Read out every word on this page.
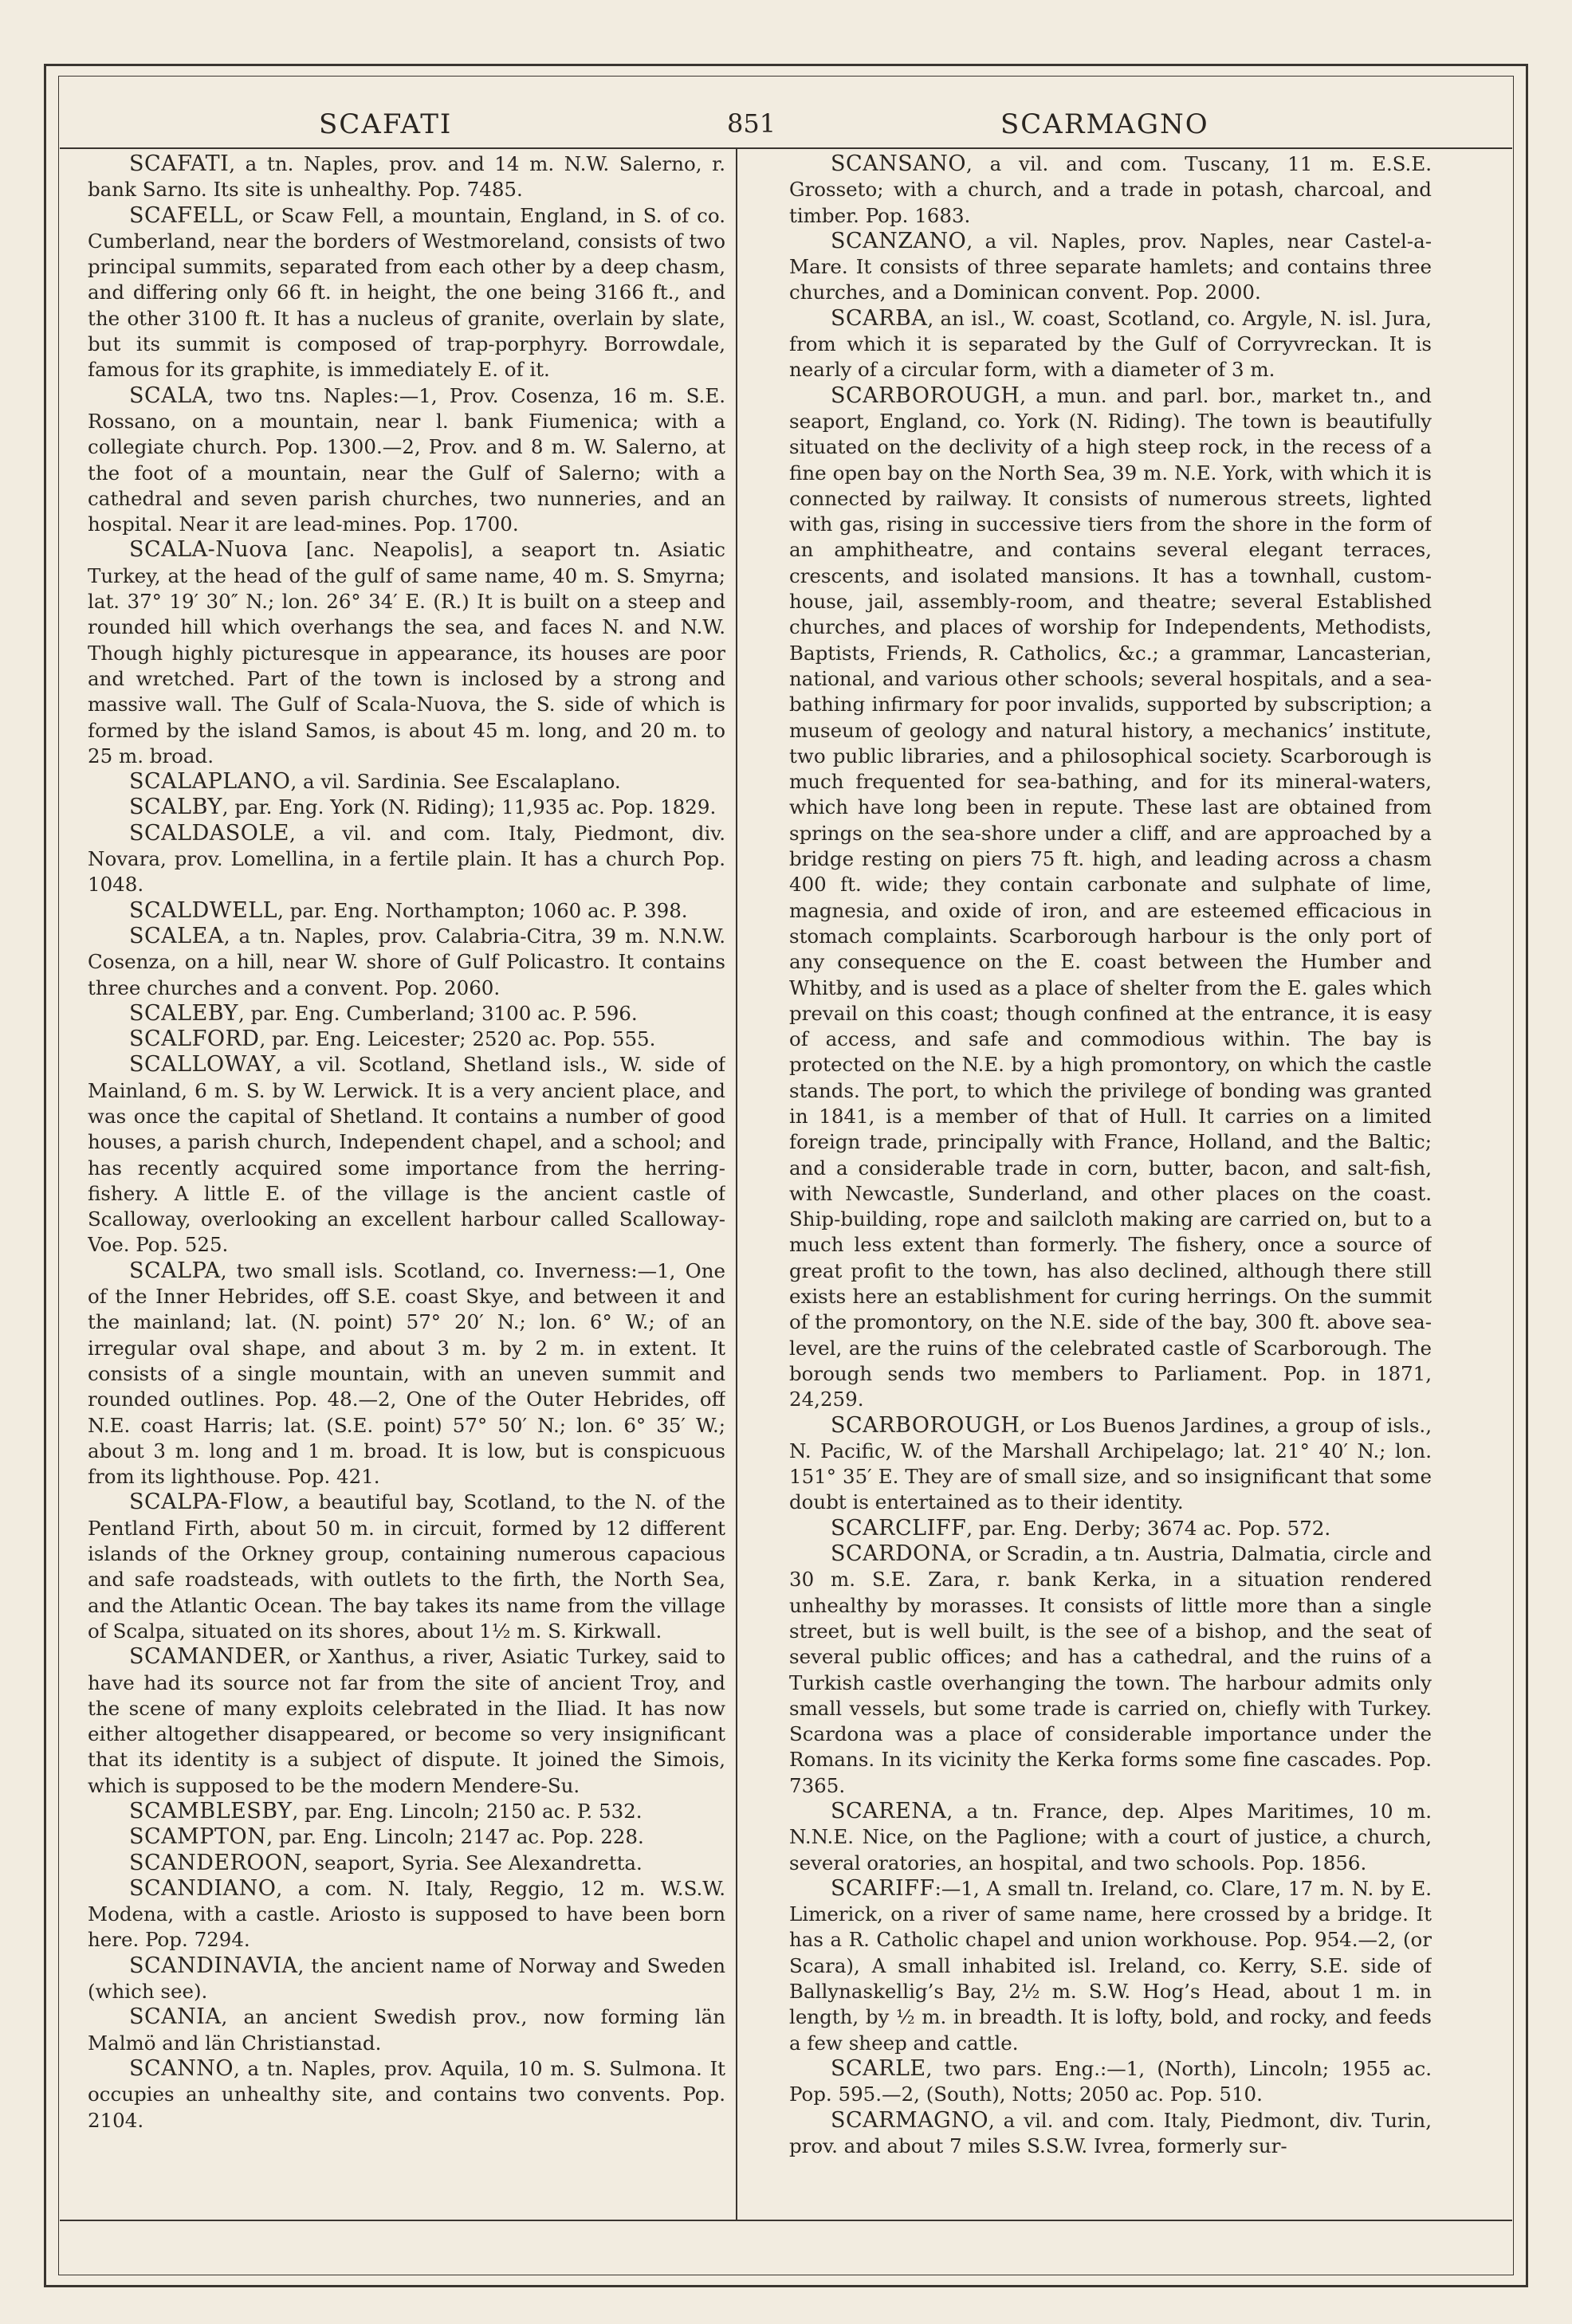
SCAFATI	851	SCARMAGNO

SCAFATI, a tn. Naples, prov. and 14 m. N.W. Salerno, r. bank Sarno. Its site is unhealthy. Pop. 7485.

SCAFELL, or Scaw Fell, a mountain, England, in S. of co. Cumberland, near the borders of Westmoreland, consists of two principal summits, separated from each other by a deep chasm, and differing only 66 ft. in height, the one being 3166 ft., and the other 3100 ft. It has a nucleus of granite, overlain by slate, but its summit is composed of trap-porphyry. Borrowdale, famous for its graphite, is immediately E. of it.

SCALA, two tns. Naples:—1, Prov. Cosenza, 16 m. S.E. Rossano, on a mountain, near l. bank Fiumenica; with a collegiate church. Pop. 1300.—2, Prov. and 8 m. W. Salerno, at the foot of a mountain, near the Gulf of Salerno; with a cathedral and seven parish churches, two nunneries, and an hospital. Near it are lead-mines. Pop. 1700.

SCALA-Nuova [anc. Neapolis], a seaport tn. Asiatic Turkey, at the head of the gulf of same name, 40 m. S. Smyrna; lat. 37° 19′ 30″ N.; lon. 26° 34′ E. (R.) It is built on a steep and rounded hill which overhangs the sea, and faces N. and N.W. Though highly picturesque in appearance, its houses are poor and wretched. Part of the town is inclosed by a strong and massive wall. The Gulf of Scala-Nuova, the S. side of which is formed by the island Samos, is about 45 m. long, and 20 m. to 25 m. broad.

SCALAPLANO, a vil. Sardinia. See Escalaplano.

SCALBY, par. Eng. York (N. Riding); 11,935 ac. Pop. 1829.

SCALDASOLE, a vil. and com. Italy, Piedmont, div. Novara, prov. Lomellina, in a fertile plain. It has a church Pop. 1048.

SCALDWELL, par. Eng. Northampton; 1060 ac. P. 398.

SCALEA, a tn. Naples, prov. Calabria-Citra, 39 m. N.N.W. Cosenza, on a hill, near W. shore of Gulf Policastro. It contains three churches and a convent. Pop. 2060.

SCALEBY, par. Eng. Cumberland; 3100 ac. P. 596.

SCALFORD, par. Eng. Leicester; 2520 ac. Pop. 555.

SCALLOWAY, a vil. Scotland, Shetland isls., W. side of Mainland, 6 m. S. by W. Lerwick. It is a very ancient place, and was once the capital of Shetland. It contains a number of good houses, a parish church, Independent chapel, and a school; and has recently acquired some importance from the herring-fishery. A little E. of the village is the ancient castle of Scalloway, overlooking an excellent harbour called Scalloway-Voe. Pop. 525.

SCALPA, two small isls. Scotland, co. Inverness:—1, One of the Inner Hebrides, off S.E. coast Skye, and between it and the mainland; lat. (N. point) 57° 20′ N.; lon. 6° W.; of an irregular oval shape, and about 3 m. by 2 m. in extent. It consists of a single mountain, with an uneven summit and rounded outlines. Pop. 48.—2, One of the Outer Hebrides, off N.E. coast Harris; lat. (S.E. point) 57° 50′ N.; lon. 6° 35′ W.; about 3 m. long and 1 m. broad. It is low, but is conspicuous from its lighthouse. Pop. 421.

SCALPA-Flow, a beautiful bay, Scotland, to the N. of the Pentland Firth, about 50 m. in circuit, formed by 12 different islands of the Orkney group, containing numerous capacious and safe roadsteads, with outlets to the firth, the North Sea, and the Atlantic Ocean. The bay takes its name from the village of Scalpa, situated on its shores, about 1½ m. S. Kirkwall.

SCAMANDER, or Xanthus, a river, Asiatic Turkey, said to have had its source not far from the site of ancient Troy, and the scene of many exploits celebrated in the Iliad. It has now either altogether disappeared, or become so very insignificant that its identity is a subject of dispute. It joined the Simois, which is supposed to be the modern Mendere-Su.

SCAMBLESBY, par. Eng. Lincoln; 2150 ac. P. 532.

SCAMPTON, par. Eng. Lincoln; 2147 ac. Pop. 228.

SCANDEROON, seaport, Syria. See Alexandretta.

SCANDIANO, a com. N. Italy, Reggio, 12 m. W.S.W. Modena, with a castle. Ariosto is supposed to have been born here. Pop. 7294.

SCANDINAVIA, the ancient name of Norway and Sweden (which see).

SCANIA, an ancient Swedish prov., now forming län Malmö and län Christianstad.

SCANNO, a tn. Naples, prov. Aquila, 10 m. S. Sulmona. It occupies an unhealthy site, and contains two convents. Pop. 2104.

SCANSANO, a vil. and com. Tuscany, 11 m. E.S.E. Grosseto; with a church, and a trade in potash, charcoal, and timber. Pop. 1683.

SCANZANO, a vil. Naples, prov. Naples, near Castel-a-Mare. It consists of three separate hamlets; and contains three churches, and a Dominican convent. Pop. 2000.

SCARBA, an isl., W. coast, Scotland, co. Argyle, N. isl. Jura, from which it is separated by the Gulf of Corryvreckan. It is nearly of a circular form, with a diameter of 3 m.

SCARBOROUGH, a mun. and parl. bor., market tn., and seaport, England, co. York (N. Riding). The town is beautifully situated on the declivity of a high steep rock, in the recess of a fine open bay on the North Sea, 39 m. N.E. York, with which it is connected by railway. It consists of numerous streets, lighted with gas, rising in successive tiers from the shore in the form of an amphitheatre, and contains several elegant terraces, crescents, and isolated mansions. It has a townhall, custom-house, jail, assembly-room, and theatre; several Established churches, and places of worship for Independents, Methodists, Baptists, Friends, R. Catholics, &c.; a grammar, Lancasterian, national, and various other schools; several hospitals, and a sea-bathing infirmary for poor invalids, supported by subscription; a museum of geology and natural history, a mechanics’ institute, two public libraries, and a philosophical society. Scarborough is much frequented for sea-bathing, and for its mineral-waters, which have long been in repute. These last are obtained from springs on the sea-shore under a cliff, and are approached by a bridge resting on piers 75 ft. high, and leading across a chasm 400 ft. wide; they contain carbonate and sulphate of lime, magnesia, and oxide of iron, and are esteemed efficacious in stomach complaints. Scarborough harbour is the only port of any consequence on the E. coast between the Humber and Whitby, and is used as a place of shelter from the E. gales which prevail on this coast; though confined at the entrance, it is easy of access, and safe and commodious within. The bay is protected on the N.E. by a high promontory, on which the castle stands. The port, to which the privilege of bonding was granted in 1841, is a member of that of Hull. It carries on a limited foreign trade, principally with France, Holland, and the Baltic; and a considerable trade in corn, butter, bacon, and salt-fish, with Newcastle, Sunderland, and other places on the coast. Ship-building, rope and sailcloth making are carried on, but to a much less extent than formerly. The fishery, once a source of great profit to the town, has also declined, although there still exists here an establishment for curing herrings. On the summit of the promontory, on the N.E. side of the bay, 300 ft. above sea-level, are the ruins of the celebrated castle of Scarborough. The borough sends two members to Parliament. Pop. in 1871, 24,259.

SCARBOROUGH, or Los Buenos Jardines, a group of isls., N. Pacific, W. of the Marshall Archipelago; lat. 21° 40′ N.; lon. 151° 35′ E. They are of small size, and so insignificant that some doubt is entertained as to their identity.

SCARCLIFF, par. Eng. Derby; 3674 ac. Pop. 572.

SCARDONA, or Scradin, a tn. Austria, Dalmatia, circle and 30 m. S.E. Zara, r. bank Kerka, in a situation rendered unhealthy by morasses. It consists of little more than a single street, but is well built, is the see of a bishop, and the seat of several public offices; and has a cathedral, and the ruins of a Turkish castle overhanging the town. The harbour admits only small vessels, but some trade is carried on, chiefly with Turkey. Scardona was a place of considerable importance under the Romans. In its vicinity the Kerka forms some fine cascades. Pop. 7365.

SCARENA, a tn. France, dep. Alpes Maritimes, 10 m. N.N.E. Nice, on the Paglione; with a court of justice, a church, several oratories, an hospital, and two schools. Pop. 1856.

SCARIFF:—1, A small tn. Ireland, co. Clare, 17 m. N. by E. Limerick, on a river of same name, here crossed by a bridge. It has a R. Catholic chapel and union workhouse. Pop. 954.—2, (or Scara), A small inhabited isl. Ireland, co. Kerry, S.E. side of Ballynaskellig’s Bay, 2½ m. S.W. Hog’s Head, about 1 m. in length, by ½ m. in breadth. It is lofty, bold, and rocky, and feeds a few sheep and cattle.

SCARLE, two pars. Eng.:—1, (North), Lincoln; 1955 ac. Pop. 595.—2, (South), Notts; 2050 ac. Pop. 510.

SCARMAGNO, a vil. and com. Italy, Piedmont, div. Turin, prov. and about 7 miles S.S.W. Ivrea, formerly sur-
